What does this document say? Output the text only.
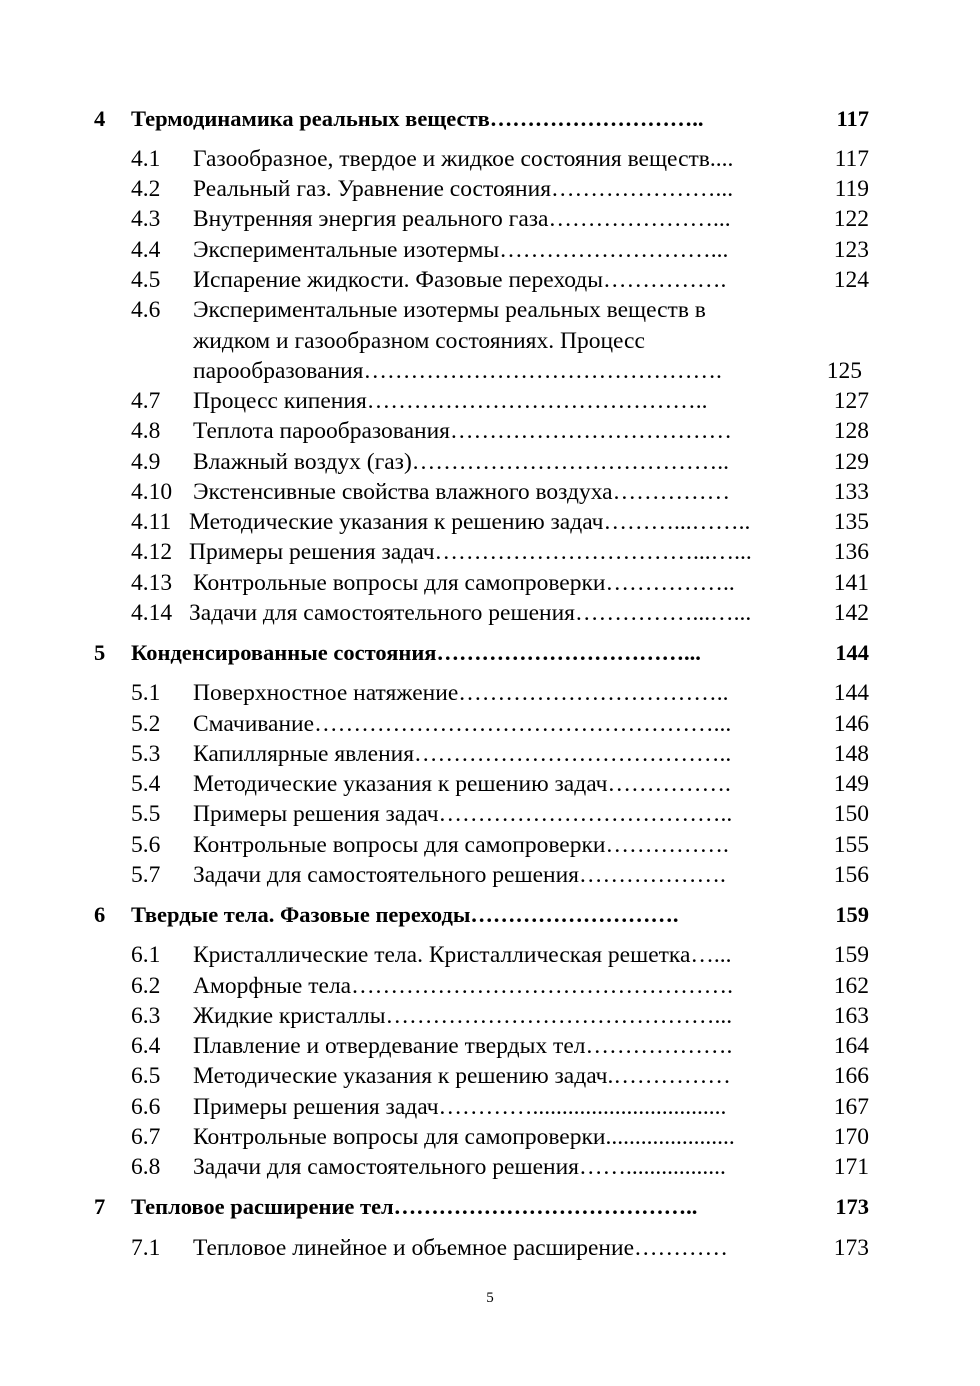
4 Термодинамика реальных веществ………………………..	117
4.1 Газообразное, твердое и жидкое состояния веществ....	117
4.2 Реальный газ. Уравнение состояния…………………...	119
4.3 Внутренняя энергия реального газа…………………...	122
4.4 Экспериментальные изотермы………………………...	123
4.5 Испарение жидкости. Фазовые переходы…………….	124
4.6 Экспериментальные изотермы реальных веществ в
жидком и газообразном состояниях. Процесс
парообразования……………………………………….	125
4.7 Процесс кипения……………………………………..	127
4.8 Теплота парообразования………………………………	128
4.9 Влажный воздух (газ)…………………………………..	129
4.10 Экстенсивные свойства влажного воздуха……………	133
4.11 Методические указания к решению задач………...……..	135
4.12 Примеры решения задач……………………………...…...	136
4.13 Контрольные вопросы для самопроверки……………..	141
4.14 Задачи для самостоятельного решения……………...…...	142
5 Конденсированные состояния……………………………...	144
5.1 Поверхностное натяжение……………………………..	144
5.2 Смачивание……………………………………………...	146
5.3 Капиллярные явления…………………………………..	148
5.4 Методические указания к решению задач…………….	149
5.5 Примеры решения задач………………………………..	150
5.6 Контрольные вопросы для самопроверки…………….	155
5.7 Задачи для самостоятельного решения……………….	156
6 Твердые тела. Фазовые переходы……………………….	159
6.1 Кристаллические тела. Кристаллическая решетка…...	159
6.2 Аморфные тела………………………………………….	162
6.3 Жидкие кристаллы……………………………………...	163
6.4 Плавление и отвердевание твердых тел……………….	164
6.5 Методические указания к решению задач.……………	166
6.6 Примеры решения задач………….................................	167
6.7 Контрольные вопросы для самопроверки......................	170
6.8 Задачи для самостоятельного решения…….................	171
7 Тепловое расширение тел…………………………………..	173
7.1 Тепловое линейное и объемное расширение…………	173
5
